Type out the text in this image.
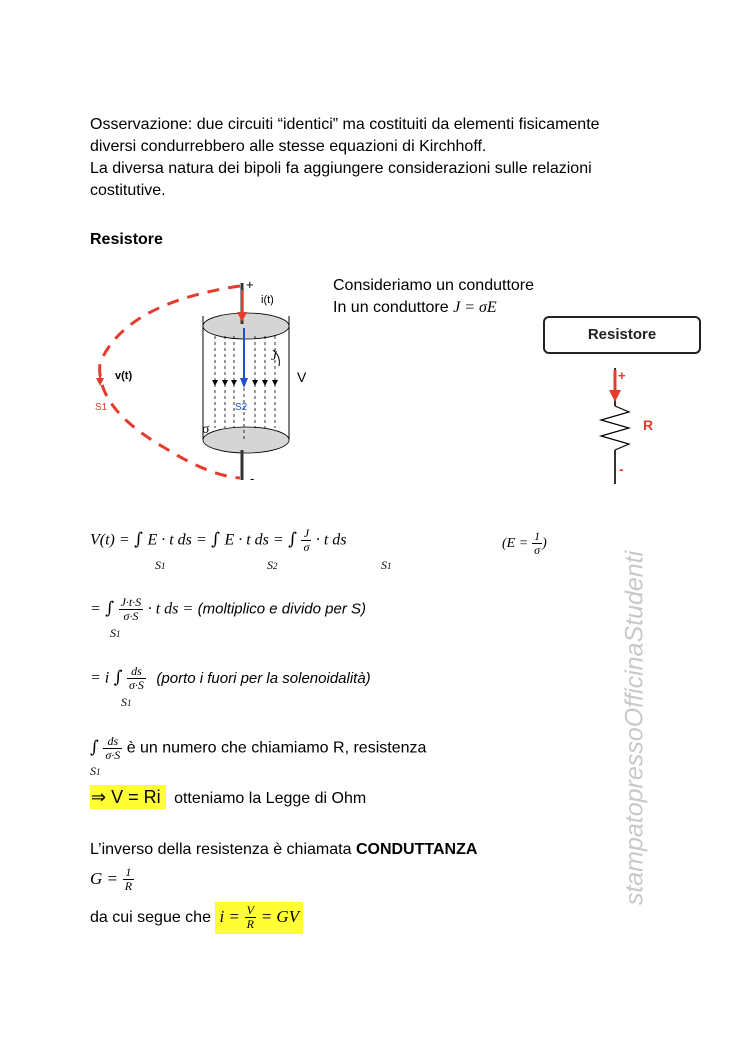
Osservazione: due circuiti “identici” ma costituiti da elementi fisicamente
diversi condurrebbero alle stesse equazioni di Kirchhoff.
La diversa natura dei bipoli fa aggiungere considerazioni sulle relazioni
costitutive.
Resistore
+
i(t)
J
V
v(t)
S1	S2
σ
-
Consideriamo un conduttore
In un conduttore J = σE
Resistore
+
R
-
V(t) = ∫ E · t ds = ∫ E · t ds = ∫ $\frac{J}{\sigma} \cdot t$ ds
S1	S2	S1
($E = \frac{1}{\sigma}$ )
= ∫ $\frac{J\cdot t\cdot S}{\sigma\cdot S} \cdot t$ ds = (moltiplico e divido per S)
S1
= i ∫ $\frac{ds}{\sigma\cdot S}$ (porto i fuori per la solenoidalità)
S1
∫ $\frac{ds}{\sigma\cdot S}$ è un numero che chiamiamo R, resistenza
S1
⇒ V = Ri otteniamo la Legge di Ohm
L’inverso della resistenza è chiamata CONDUTTANZA
$G = \frac{1}{R}$
da cui segue che $i = \frac{V}{R}$ = GV
stampatopressoOfficinaStudenti
